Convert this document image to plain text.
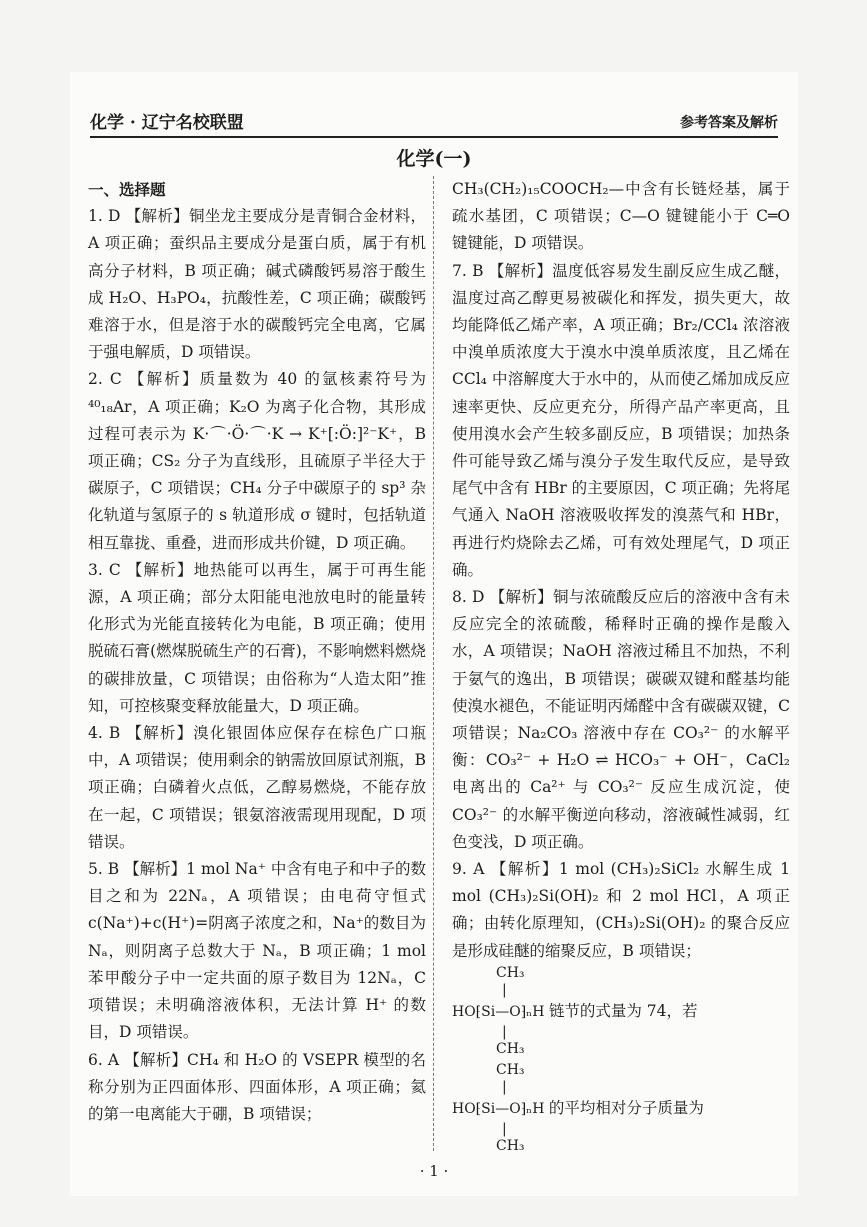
化学 · 辽宁名校联盟	参考答案及解析
化学(一)
一、选择题

1. D 【解析】铜坐龙主要成分是青铜合金材料，A 项正确；蚕织品主要成分是蛋白质，属于有机高分子材料，B 项正确；碱式磷酸钙易溶于酸生成 H₂O、H₃PO₄，抗酸性差，C 项正确；碳酸钙难溶于水，但是溶于水的碳酸钙完全电离，它属于强电解质，D 项错误。

2. C 【解析】质量数为 40 的氩核素符号为 ⁴⁰₁₈Ar，A 项正确；K₂O 为离子化合物，其形成过程可表示为 K·⌒·Ö·⌒·K → K⁺[:Ö:]²⁻K⁺，B 项正确；CS₂ 分子为直线形，且硫原子半径大于碳原子，C 项错误；CH₄ 分子中碳原子的 sp³ 杂化轨道与氢原子的 s 轨道形成 σ 键时，包括轨道相互靠拢、重叠，进而形成共价键，D 项正确。

3. C 【解析】地热能可以再生，属于可再生能源，A 项正确；部分太阳能电池放电时的能量转化形式为光能直接转化为电能，B 项正确；使用脱硫石膏(燃煤脱硫生产的石膏)，不影响燃料燃烧的碳排放量，C 项错误；由俗称为“人造太阳”推知，可控核聚变释放能量大，D 项正确。

4. B 【解析】溴化银固体应保存在棕色广口瓶中，A 项错误；使用剩余的钠需放回原试剂瓶，B 项正确；白磷着火点低，乙醇易燃烧，不能存放在一起，C 项错误；银氨溶液需现用现配，D 项错误。

5. B 【解析】1 mol Na⁺ 中含有电子和中子的数目之和为 22Nₐ，A 项错误；由电荷守恒式 c(Na⁺)+c(H⁺)=阴离子浓度之和，Na⁺的数目为 Nₐ，则阴离子总数大于 Nₐ，B 项正确；1 mol 苯甲酸分子中一定共面的原子数目为 12Nₐ，C 项错误；未明确溶液体积，无法计算 H⁺ 的数目，D 项错误。

6. A 【解析】CH₄ 和 H₂O 的 VSEPR 模型的名称分别为正四面体形、四面体形，A 项正确；氦的第一电离能大于硼，B 项错误；

CH₃(CH₂)₁₅COOCH₂—中含有长链烃基，属于疏水基团，C 项错误；C—O 键键能小于 C═O 键键能，D 项错误。

7. B 【解析】温度低容易发生副反应生成乙醚，温度过高乙醇更易被碳化和挥发，损失更大，故均能降低乙烯产率，A 项正确；Br₂/CCl₄ 浓溶液中溴单质浓度大于溴水中溴单质浓度，且乙烯在 CCl₄ 中溶解度大于水中的，从而使乙烯加成反应速率更快、反应更充分，所得产品产率更高，且使用溴水会产生较多副反应，B 项错误；加热条件可能导致乙烯与溴分子发生取代反应，是导致尾气中含有 HBr 的主要原因，C 项正确；先将尾气通入 NaOH 溶液吸收挥发的溴蒸气和 HBr，再进行灼烧除去乙烯，可有效处理尾气，D 项正确。

8. D 【解析】铜与浓硫酸反应后的溶液中含有未反应完全的浓硫酸，稀释时正确的操作是酸入水，A 项错误；NaOH 溶液过稀且不加热，不利于氨气的逸出，B 项错误；碳碳双键和醛基均能使溴水褪色，不能证明丙烯醛中含有碳碳双键，C 项错误；Na₂CO₃ 溶液中存在 CO₃²⁻ 的水解平衡：CO₃²⁻ + H₂O ⇌ HCO₃⁻ + OH⁻，CaCl₂ 电离出的 Ca²⁺ 与 CO₃²⁻ 反应生成沉淀，使 CO₃²⁻ 的水解平衡逆向移动，溶液碱性减弱，红色变浅，D 项正确。

9. A 【解析】1 mol (CH₃)₂SiCl₂ 水解生成 1 mol (CH₃)₂Si(OH)₂ 和 2 mol HCl，A 项正确；由转化原理知，(CH₃)₂Si(OH)₂ 的聚合反应是形成硅醚的缩聚反应，B 项错误；

CH₃
|
HO⁅Si—O⁆ₙH 链节的式量为 74，若
|
CH₃
CH₃
|
HO⁅Si—O⁆ₙH 的平均相对分子质量为
|
CH₃
· 1 ·
